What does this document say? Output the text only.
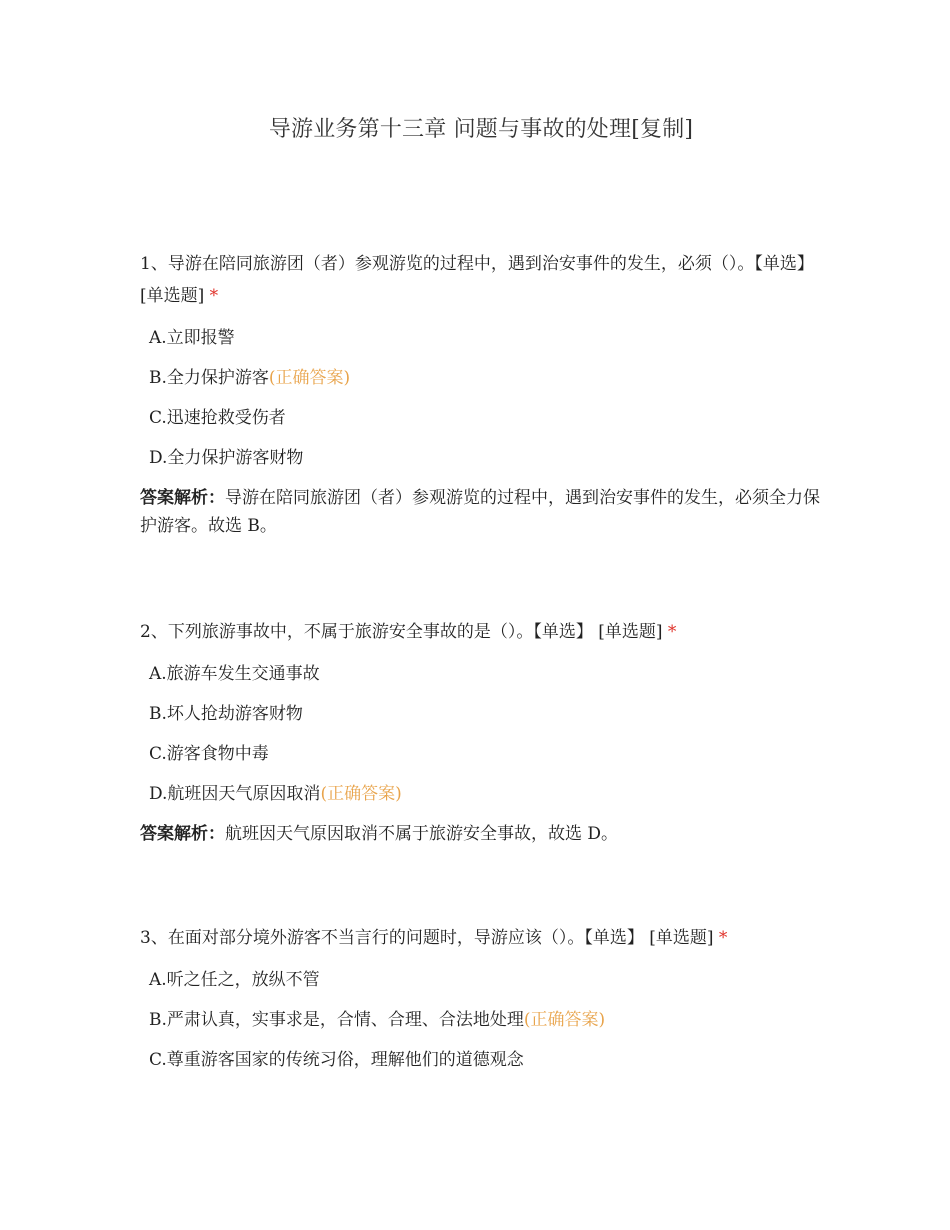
导游业务第十三章 问题与事故的处理[复制]
1、导游在陪同旅游团（者）参观游览的过程中，遇到治安事件的发生，必须（）。【单选】 [单选题] *
A.立即报警
B.全力保护游客(正确答案)
C.迅速抢救受伤者
D.全力保护游客财物
答案解析：导游在陪同旅游团（者）参观游览的过程中，遇到治安事件的发生，必须全力保护游客。故选 B。
2、下列旅游事故中，不属于旅游安全事故的是（）。【单选】 [单选题] *
A.旅游车发生交通事故
B.坏人抢劫游客财物
C.游客食物中毒
D.航班因天气原因取消(正确答案)
答案解析：航班因天气原因取消不属于旅游安全事故，故选 D。
3、在面对部分境外游客不当言行的问题时，导游应该（）。【单选】 [单选题] *
A.听之任之，放纵不管
B.严肃认真，实事求是，合情、合理、合法地处理(正确答案)
C.尊重游客国家的传统习俗，理解他们的道德观念
